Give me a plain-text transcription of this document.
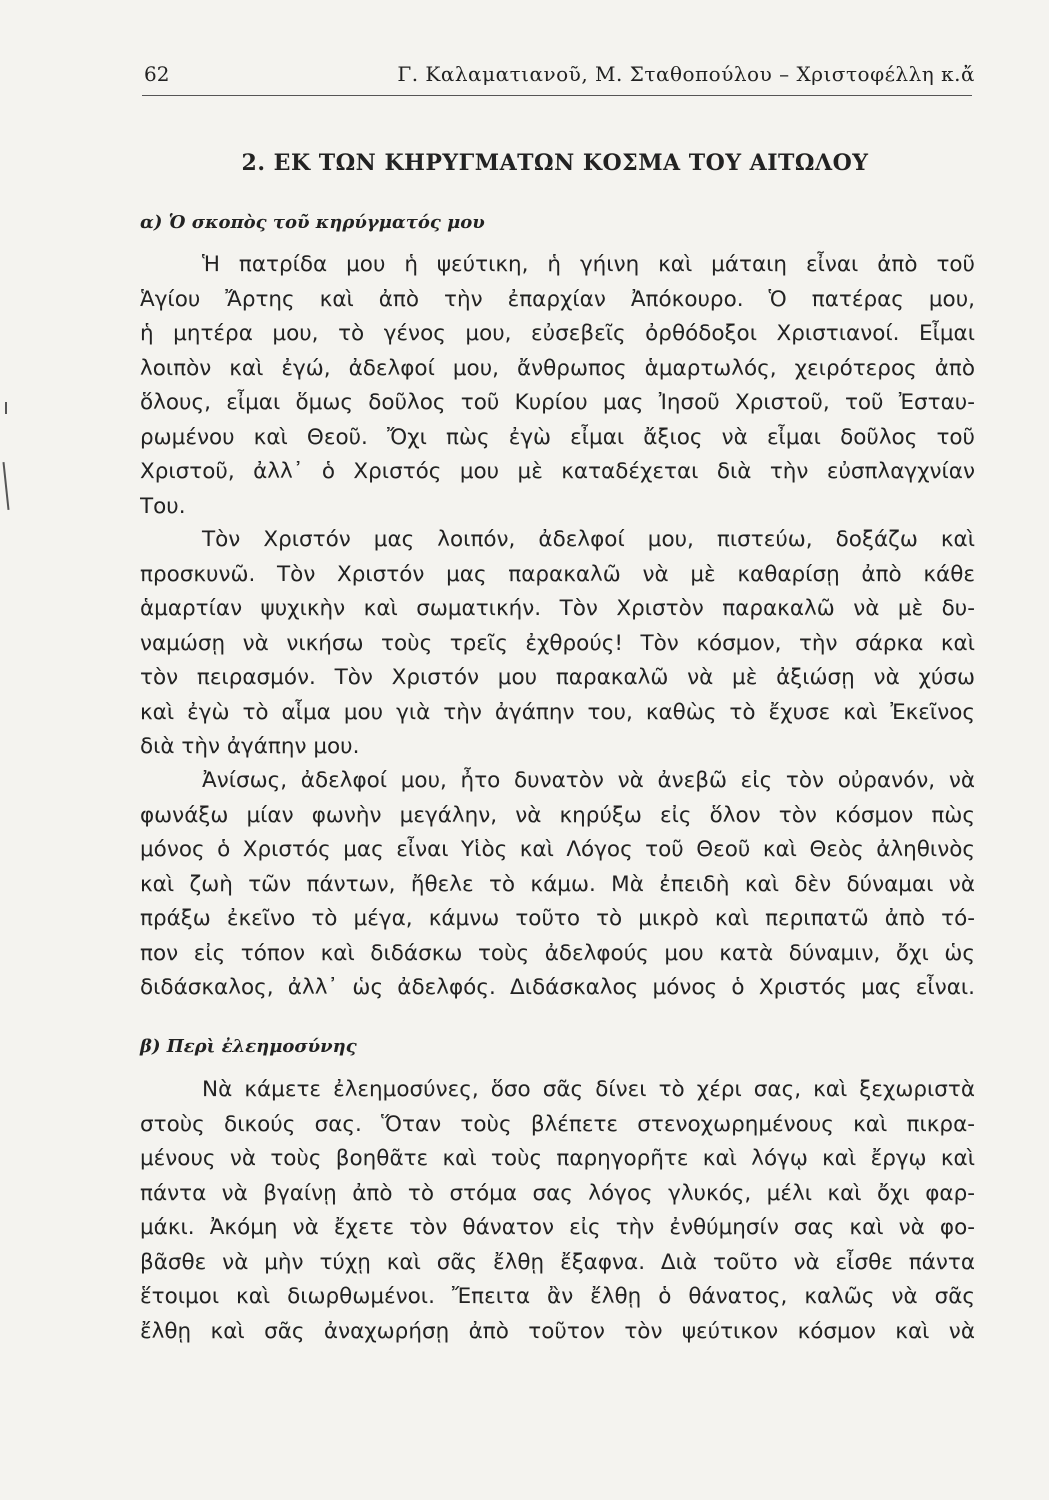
62	Γ. Καλαματιανοῦ, Μ. Σταθοπούλου – Χριστοφέλλη κ.ἄ
2. ΕΚ ΤΩΝ ΚΗΡΥΓΜΑΤΩΝ ΚΟΣΜΑ ΤΟΥ ΑΙΤΩΛΟΥ
α) Ὁ σκοπὸς τοῦ κηρύγματός μου
Ἡ πατρίδα μου ἡ ψεύτικη, ἡ γήινη καὶ μάταιη εἶναι ἀπὸ τοῦ
Ἁγίου Ἄρτης καὶ ἀπὸ τὴν ἐπαρχίαν Ἀπόκουρο. Ὁ πατέρας μου,
ἡ μητέρα μου, τὸ γένος μου, εὐσεβεῖς ὀρθόδοξοι Χριστιανοί. Εἶμαι
λοιπὸν καὶ ἐγώ, ἀδελφοί μου, ἄνθρωπος ἁμαρτωλός, χειρότερος ἀπὸ
ὅλους, εἶμαι ὅμως δοῦλος τοῦ Κυρίου μας Ἰησοῦ Χριστοῦ, τοῦ Ἐσταυ-
ρωμένου καὶ Θεοῦ. Ὄχι πὼς ἐγὼ εἶμαι ἄξιος νὰ εἶμαι δοῦλος τοῦ
Χριστοῦ, ἀλλ᾽ ὁ Χριστός μου μὲ καταδέχεται διὰ τὴν εὐσπλαγχνίαν
Του.
Τὸν Χριστόν μας λοιπόν, ἀδελφοί μου, πιστεύω, δοξάζω καὶ
προσκυνῶ. Τὸν Χριστόν μας παρακαλῶ νὰ μὲ καθαρίσῃ ἀπὸ κάθε
ἁμαρτίαν ψυχικὴν καὶ σωματικήν. Τὸν Χριστὸν παρακαλῶ νὰ μὲ δυ-
ναμώσῃ νὰ νικήσω τοὺς τρεῖς ἐχθρούς! Τὸν κόσμον, τὴν σάρκα καὶ
τὸν πειρασμόν. Τὸν Χριστόν μου παρακαλῶ νὰ μὲ ἀξιώσῃ νὰ χύσω
καὶ ἐγὼ τὸ αἷμα μου γιὰ τὴν ἀγάπην του, καθὼς τὸ ἔχυσε καὶ Ἐκεῖνος
διὰ τὴν ἀγάπην μου.
Ἀνίσως, ἀδελφοί μου, ἦτο δυνατὸν νὰ ἀνεβῶ εἰς τὸν οὐρανόν, νὰ
φωνάξω μίαν φωνὴν μεγάλην, νὰ κηρύξω εἰς ὅλον τὸν κόσμον πὼς
μόνος ὁ Χριστός μας εἶναι Υἱὸς καὶ Λόγος τοῦ Θεοῦ καὶ Θεὸς ἀληθινὸς
καὶ ζωὴ τῶν πάντων, ἤθελε τὸ κάμω. Μὰ ἐπειδὴ καὶ δὲν δύναμαι νὰ
πράξω ἐκεῖνο τὸ μέγα, κάμνω τοῦτο τὸ μικρὸ καὶ περιπατῶ ἀπὸ τό-
πον εἰς τόπον καὶ διδάσκω τοὺς ἀδελφούς μου κατὰ δύναμιν, ὄχι ὡς
διδάσκαλος, ἀλλ᾽ ὡς ἀδελφός. Διδάσκαλος μόνος ὁ Χριστός μας εἶναι.
β) Περὶ ἐλεημοσύνης
Νὰ κάμετε ἐλεημοσύνες, ὅσο σᾶς δίνει τὸ χέρι σας, καὶ ξεχωριστὰ
στοὺς δικούς σας. Ὅταν τοὺς βλέπετε στενοχωρημένους καὶ πικρα-
μένους νὰ τοὺς βοηθᾶτε καὶ τοὺς παρηγορῆτε καὶ λόγῳ καὶ ἔργῳ καὶ
πάντα νὰ βγαίνῃ ἀπὸ τὸ στόμα σας λόγος γλυκός, μέλι καὶ ὄχι φαρ-
μάκι. Ἀκόμη νὰ ἔχετε τὸν θάνατον εἰς τὴν ἐνθύμησίν σας καὶ νὰ φο-
βᾶσθε νὰ μὴν τύχῃ καὶ σᾶς ἔλθῃ ἔξαφνα. Διὰ τοῦτο νὰ εἶσθε πάντα
ἕτοιμοι καὶ διωρθωμένοι. Ἔπειτα ἂν ἔλθῃ ὁ θάνατος, καλῶς νὰ σᾶς
ἔλθῃ καὶ σᾶς ἀναχωρήσῃ ἀπὸ τοῦτον τὸν ψεύτικον κόσμον καὶ νὰ
